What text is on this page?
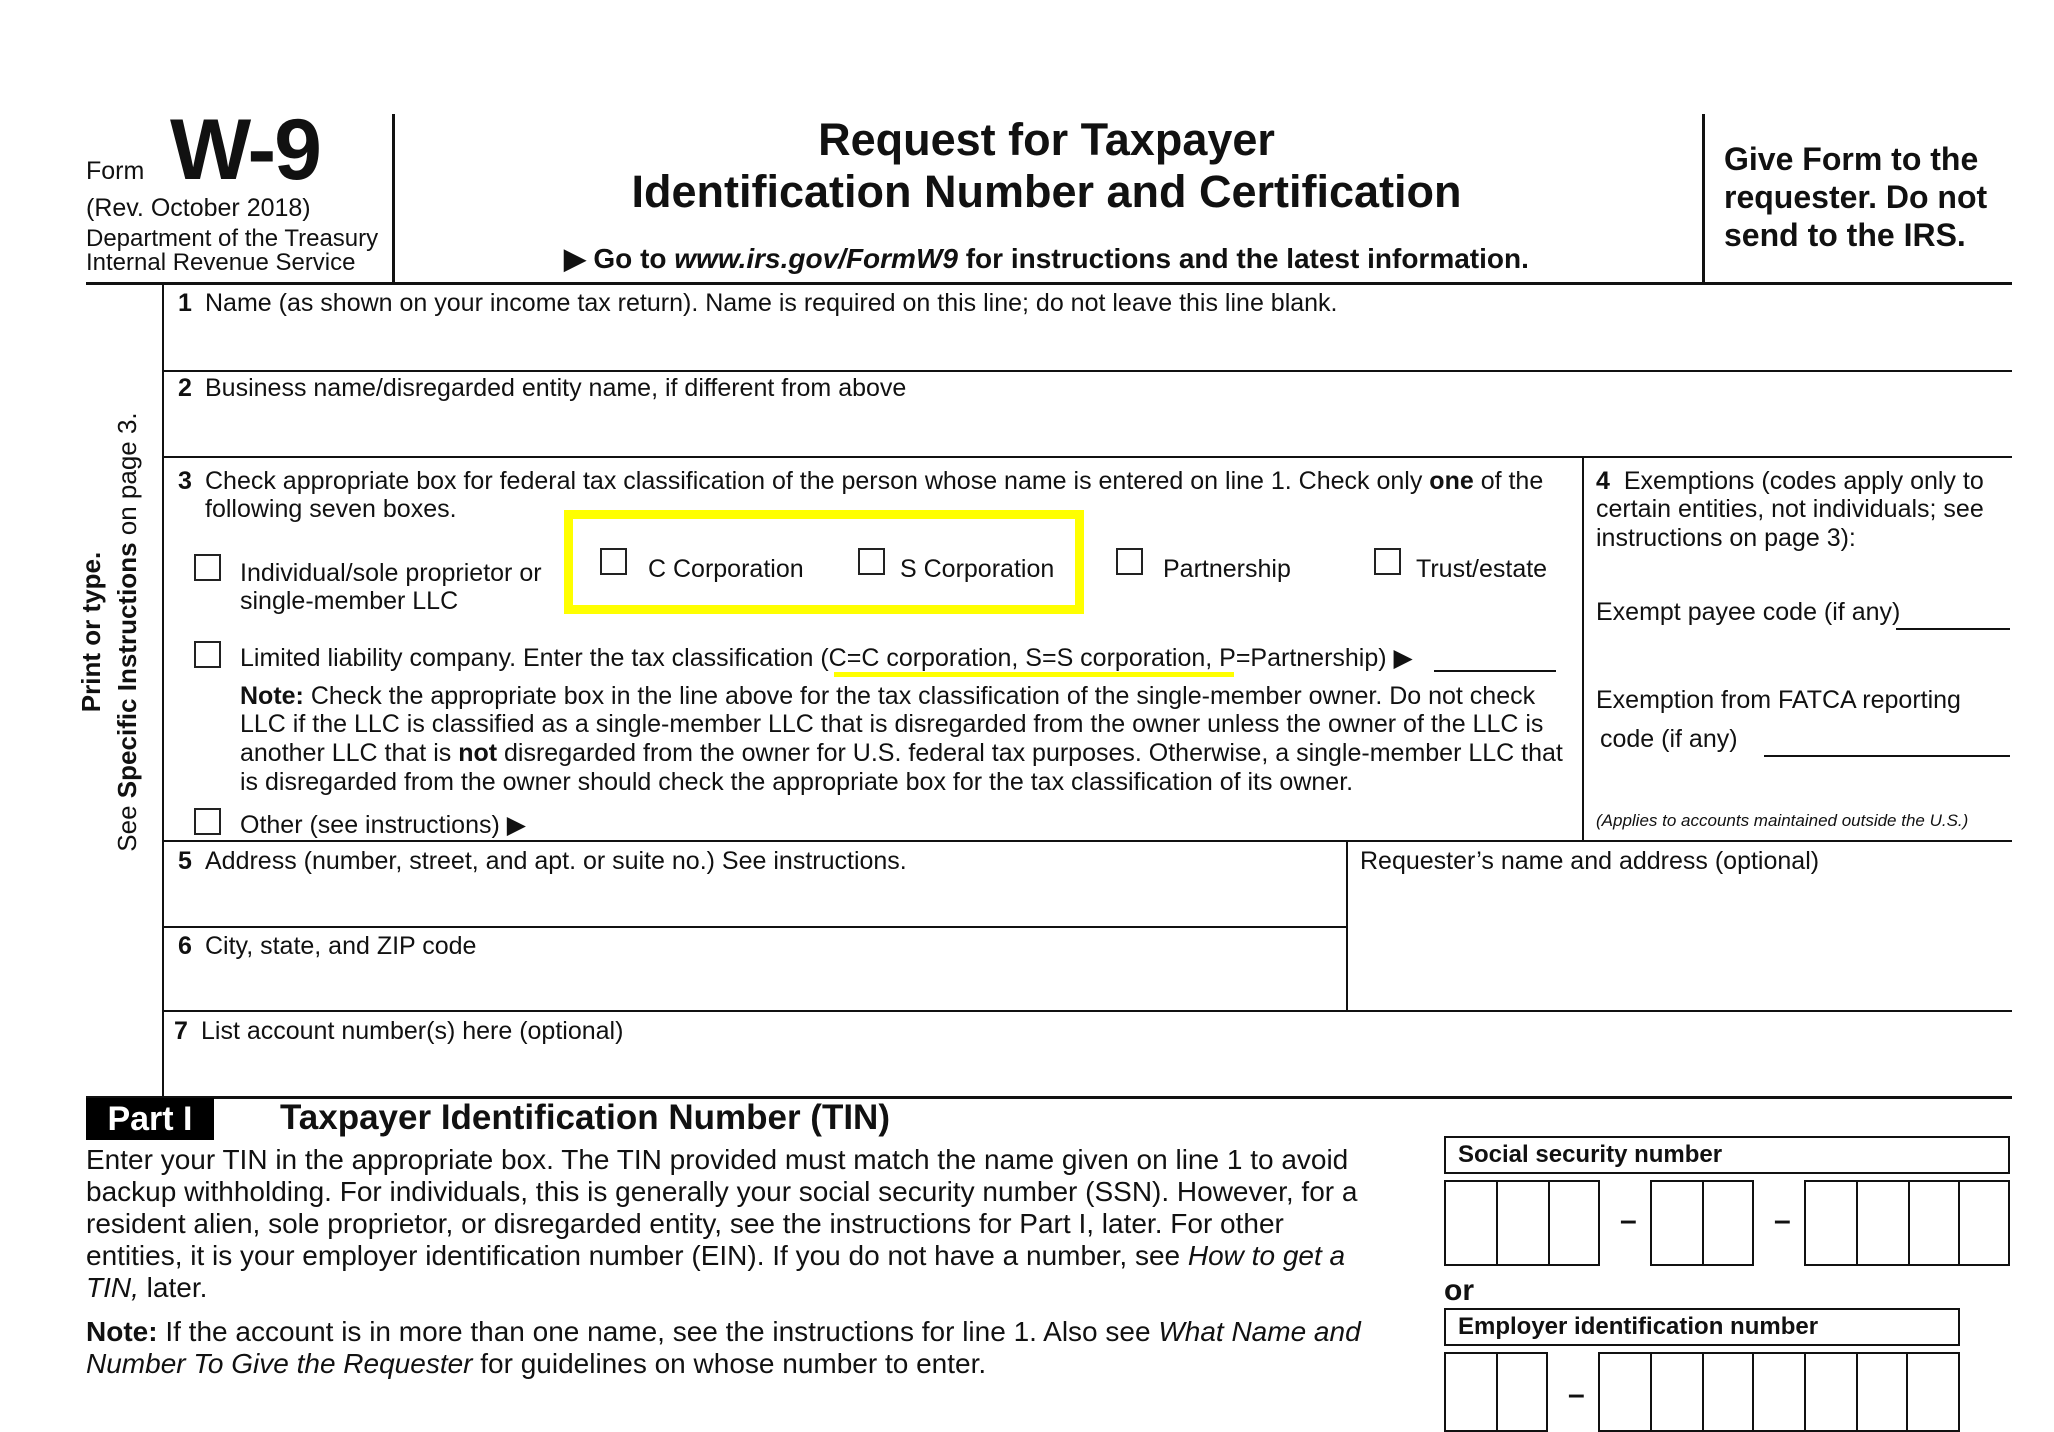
Form W-9
(Rev. October 2018)
Department of the Treasury
Internal Revenue Service
Request for Taxpayer
Identification Number and Certification
▶ Go to www.irs.gov/FormW9 for instructions and the latest information.
Give Form to the
requester. Do not
send to the IRS.
Print or type.
See Specific Instructions on page 3.
1 Name (as shown on your income tax return). Name is required on this line; do not leave this line blank.
2 Business name/disregarded entity name, if different from above
3 Check appropriate box for federal tax classification of the person whose name is entered on line 1. Check only one of the
following seven boxes.
Individual/sole proprietor or
single-member LLC
C Corporation	S Corporation	Partnership	Trust/estate
Limited liability company. Enter the tax classification (C=C corporation, S=S corporation, P=Partnership) ▶
Note: Check the appropriate box in the line above for the tax classification of the single-member owner. Do not check
LLC if the LLC is classified as a single-member LLC that is disregarded from the owner unless the owner of the LLC is
another LLC that is not disregarded from the owner for U.S. federal tax purposes. Otherwise, a single-member LLC that
is disregarded from the owner should check the appropriate box for the tax classification of its owner.
Other (see instructions) ▶
4 Exemptions (codes apply only to
certain entities, not individuals; see
instructions on page 3):
Exempt payee code (if any)
Exemption from FATCA reporting
code (if any)
(Applies to accounts maintained outside the U.S.)
5 Address (number, street, and apt. or suite no.) See instructions.	Requester’s name and address (optional)
6 City, state, and ZIP code
7 List account number(s) here (optional)
Part I	Taxpayer Identification Number (TIN)
Enter your TIN in the appropriate box. The TIN provided must match the name given on line 1 to avoid
backup withholding. For individuals, this is generally your social security number (SSN). However, for a
resident alien, sole proprietor, or disregarded entity, see the instructions for Part I, later. For other
entities, it is your employer identification number (EIN). If you do not have a number, see How to get a
TIN, later.
Note: If the account is in more than one name, see the instructions for line 1. Also see What Name and
Number To Give the Requester for guidelines on whose number to enter.
Social security number
–	–
or
Employer identification number
–
